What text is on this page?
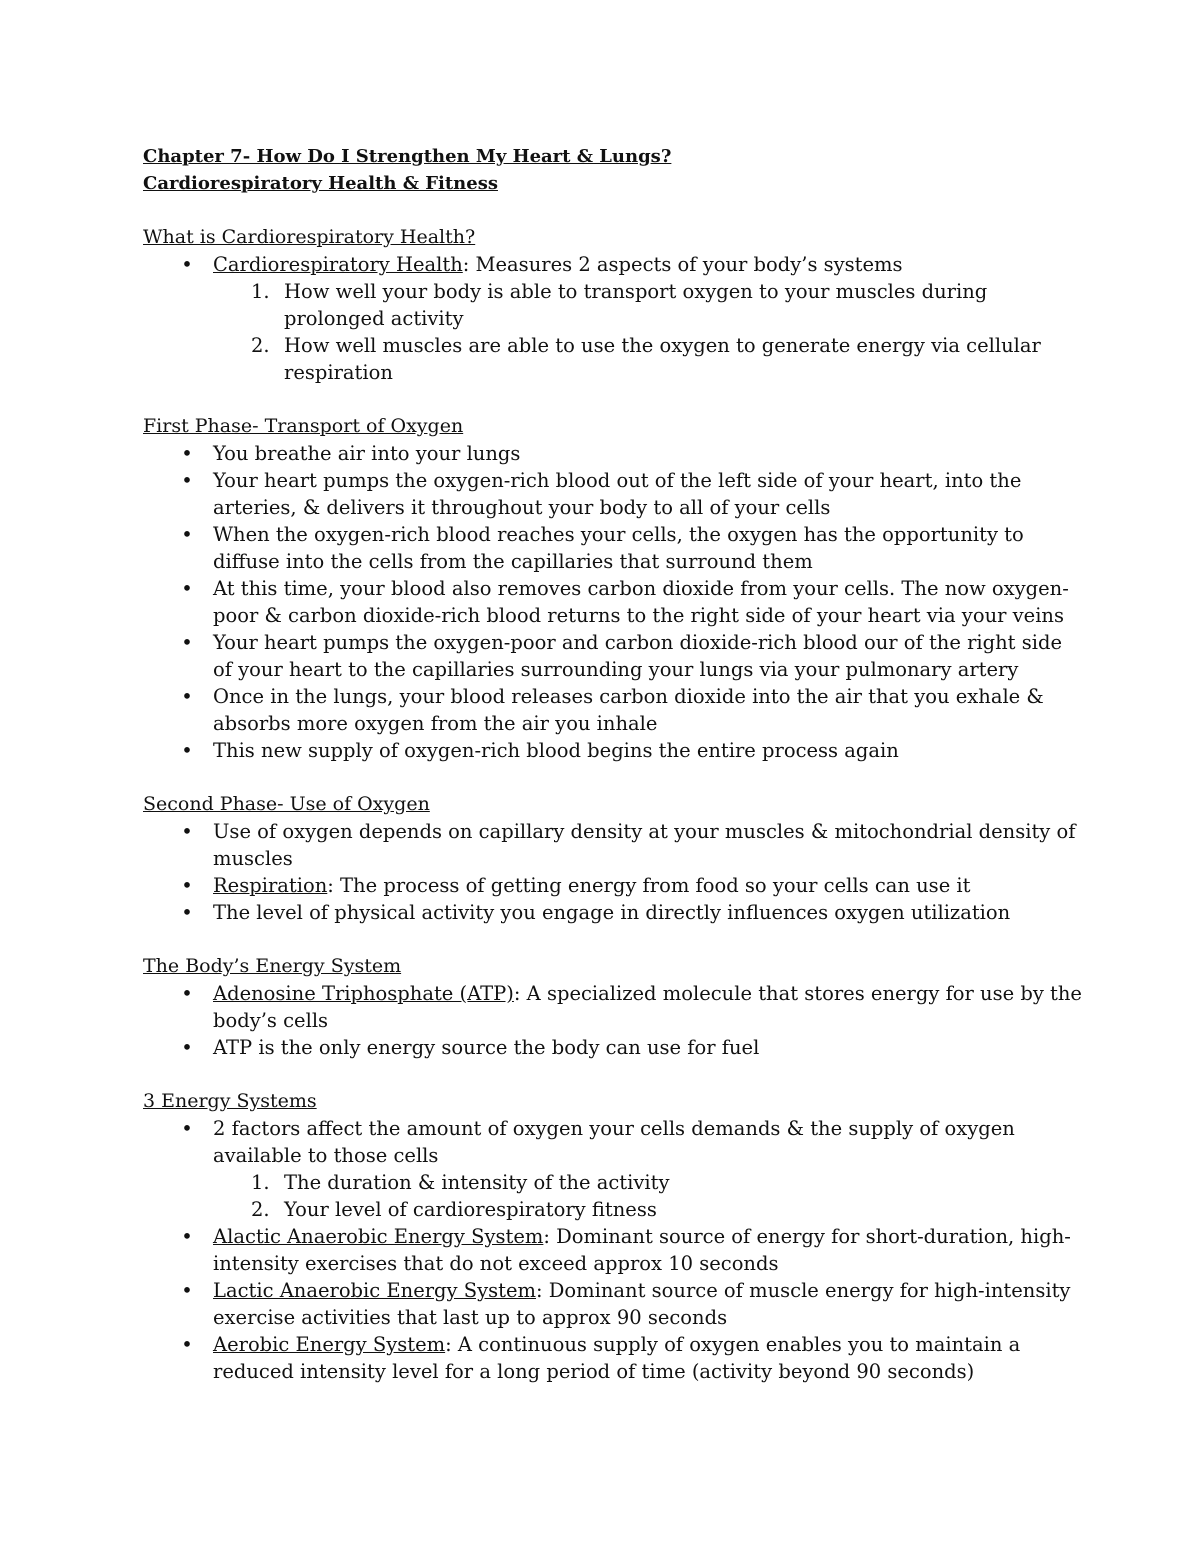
Chapter 7- How Do I Strengthen My Heart & Lungs?

Cardiorespiratory Health & Fitness

What is Cardiorespiratory Health?

• Cardiorespiratory Health: Measures 2 aspects of your body’s systems
1. How well your body is able to transport oxygen to your muscles during prolonged activity
2. How well muscles are able to use the oxygen to generate energy via cellular respiration

First Phase- Transport of Oxygen

• You breathe air into your lungs
• Your heart pumps the oxygen-rich blood out of the left side of your heart, into the arteries, & delivers it throughout your body to all of your cells
• When the oxygen-rich blood reaches your cells, the oxygen has the opportunity to diffuse into the cells from the capillaries that surround them
• At this time, your blood also removes carbon dioxide from your cells. The now oxygen-poor & carbon dioxide-rich blood returns to the right side of your heart via your veins
• Your heart pumps the oxygen-poor and carbon dioxide-rich blood our of the right side of your heart to the capillaries surrounding your lungs via your pulmonary artery
• Once in the lungs, your blood releases carbon dioxide into the air that you exhale & absorbs more oxygen from the air you inhale
• This new supply of oxygen-rich blood begins the entire process again

Second Phase- Use of Oxygen

• Use of oxygen depends on capillary density at your muscles & mitochondrial density of muscles
• Respiration: The process of getting energy from food so your cells can use it
• The level of physical activity you engage in directly influences oxygen utilization

The Body’s Energy System

• Adenosine Triphosphate (ATP): A specialized molecule that stores energy for use by the body’s cells
• ATP is the only energy source the body can use for fuel

3 Energy Systems

• 2 factors affect the amount of oxygen your cells demands & the supply of oxygen available to those cells
1. The duration & intensity of the activity
2. Your level of cardiorespiratory fitness
• Alactic Anaerobic Energy System: Dominant source of energy for short-duration, high-intensity exercises that do not exceed approx 10 seconds
• Lactic Anaerobic Energy System: Dominant source of muscle energy for high-intensity exercise activities that last up to approx 90 seconds
• Aerobic Energy System: A continuous supply of oxygen enables you to maintain a reduced intensity level for a long period of time (activity beyond 90 seconds)
